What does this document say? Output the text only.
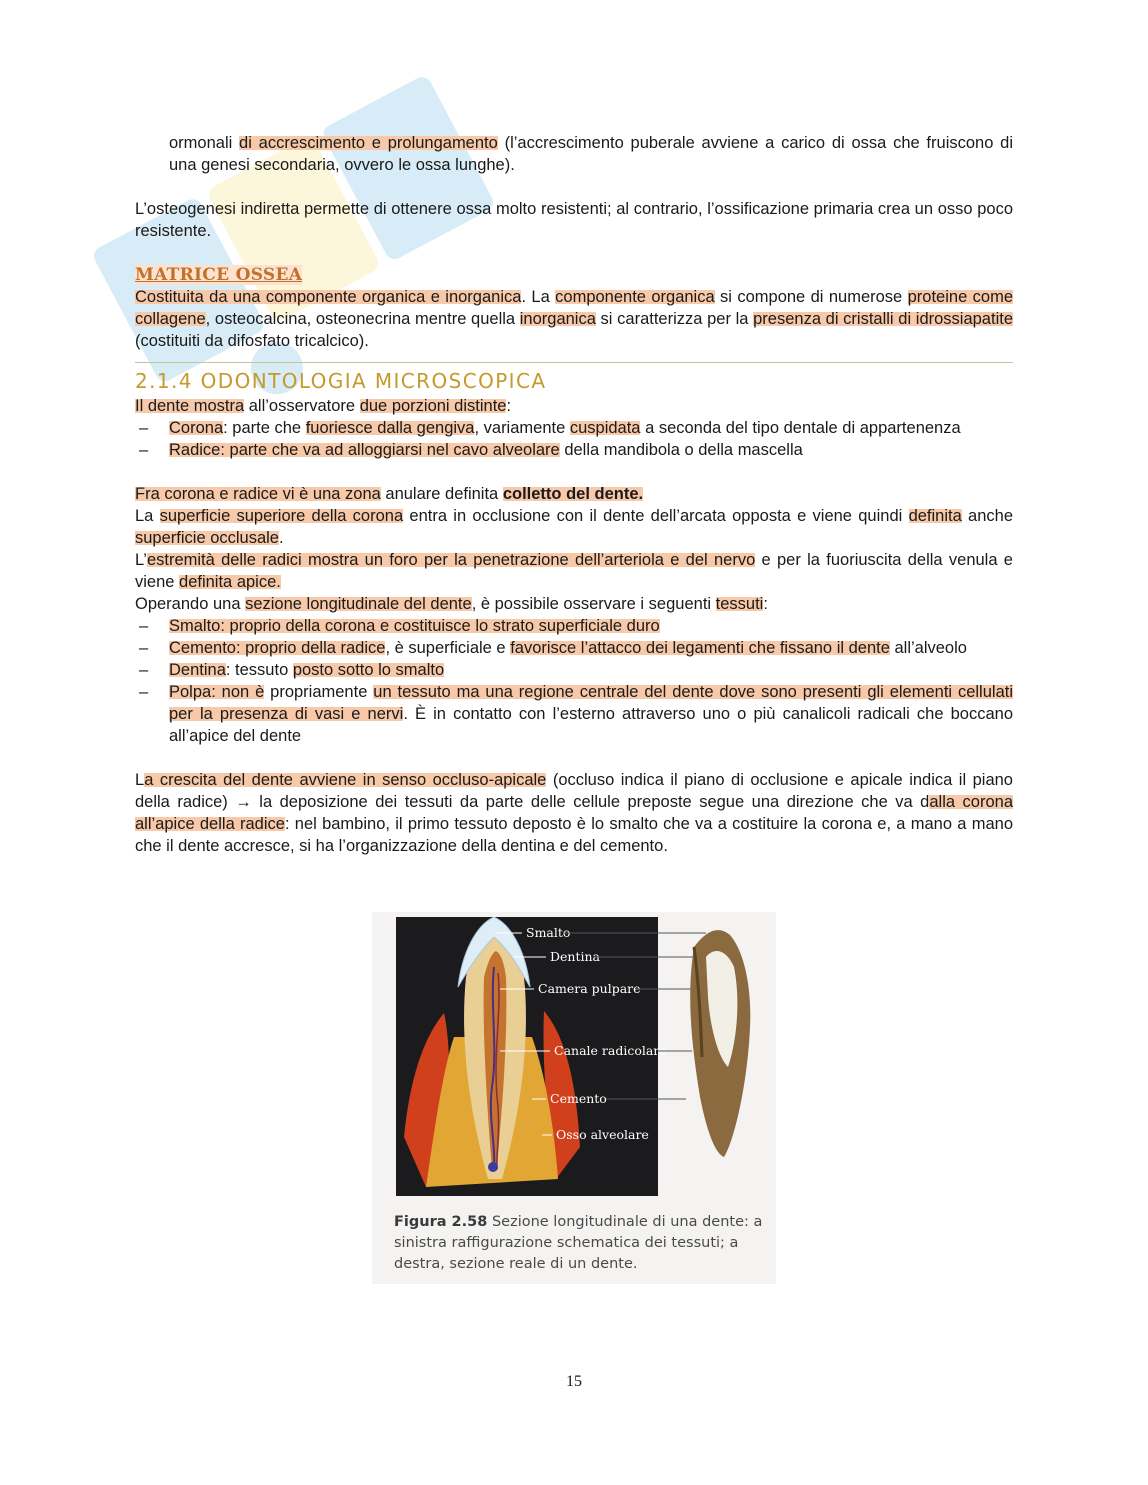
ormonali di accrescimento e prolungamento (l’accrescimento puberale avviene a carico di ossa che fruiscono di una genesi secondaria, ovvero le ossa lunghe).

L’osteogenesi indiretta permette di ottenere ossa molto resistenti; al contrario, l’ossificazione primaria crea un osso poco resistente.

MATRICE OSSEA

Costituita da una componente organica e inorganica. La componente organica si compone di numerose proteine come collagene, osteocalcina, osteonecrina mentre quella inorganica si caratterizza per la presenza di cristalli di idrossiapatite (costituiti da difosfato tricalcico).

2.1.4 ODONTOLOGIA MICROSCOPICA

Il dente mostra all’osservatore due porzioni distinte:

– Corona: parte che fuoriesce dalla gengiva, variamente cuspidata a seconda del tipo dentale di appartenenza
– Radice: parte che va ad alloggiarsi nel cavo alveolare della mandibola o della mascella

Fra corona e radice vi è una zona anulare definita colletto del dente.

La superficie superiore della corona entra in occlusione con il dente dell’arcata opposta e viene quindi definita anche superficie occlusale.

L’estremità delle radici mostra un foro per la penetrazione dell’arteriola e del nervo e per la fuoriuscita della venula e viene definita apice.

Operando una sezione longitudinale del dente, è possibile osservare i seguenti tessuti:

– Smalto: proprio della corona e costituisce lo strato superficiale duro
– Cemento: proprio della radice, è superficiale e favorisce l’attacco dei legamenti che fissano il dente all’alveolo
– Dentina: tessuto posto sotto lo smalto
– Polpa: non è propriamente un tessuto ma una regione centrale del dente dove sono presenti gli elementi cellulati per la presenza di vasi e nervi. È in contatto con l’esterno attraverso uno o più canalicoli radicali che boccano all’apice del dente

La crescita del dente avviene in senso occluso-apicale (occluso indica il piano di occlusione e apicale indica il piano della radice) → la deposizione dei tessuti da parte delle cellule preposte segue una direzione che va dalla corona all’apice della radice: nel bambino, il primo tessuto deposto è lo smalto che va a costituire la corona e, a mano a mano che il dente accresce, si ha l’organizzazione della dentina e del cemento.

Smalto
Dentina
Camera pulpare
Canale radicolare
Cemento
Osso alveolare
Figura 2.58 Sezione longitudinale di una dente: a sinistra raffigurazione schematica dei tessuti; a destra, sezione reale di un dente.
15
